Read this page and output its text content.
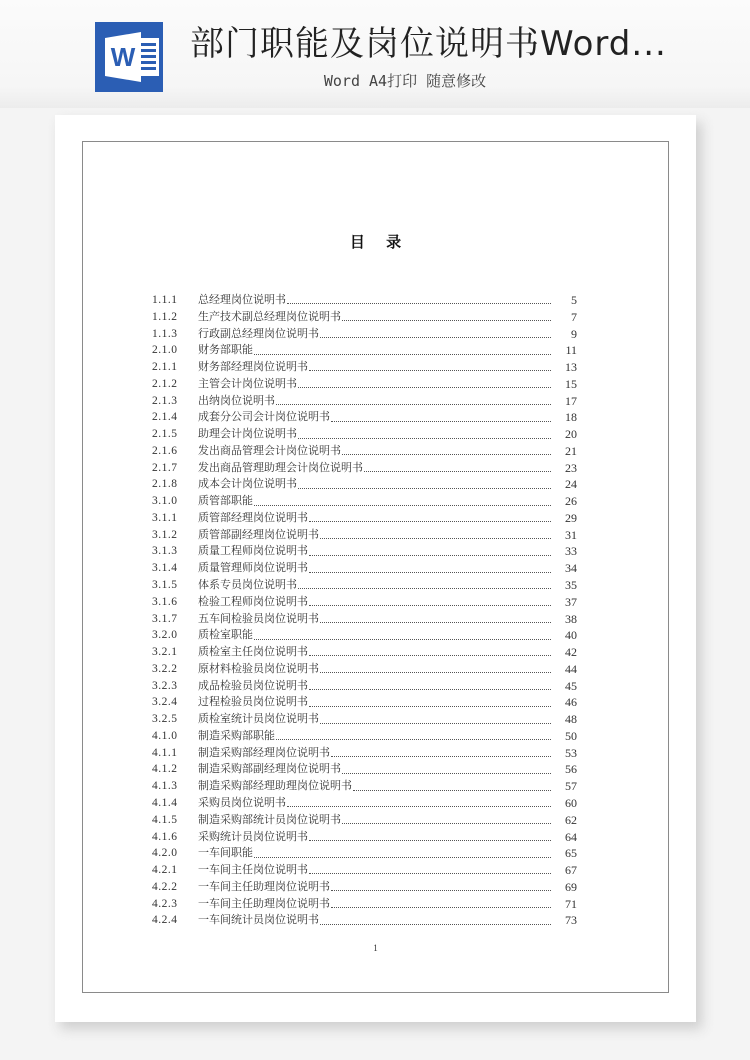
W 部门职能及岗位说明书Word...
Word A4打印 随意修改
目 录
1.1.1	总经理岗位说明书	5
1.1.2	生产技术副总经理岗位说明书	7
1.1.3	行政副总经理岗位说明书	9
2.1.0	财务部职能	11
2.1.1	财务部经理岗位说明书	13
2.1.2	主管会计岗位说明书	15
2.1.3	出纳岗位说明书	17
2.1.4	成套分公司会计岗位说明书	18
2.1.5	助理会计岗位说明书	20
2.1.6	发出商品管理会计岗位说明书	21
2.1.7	发出商品管理助理会计岗位说明书	23
2.1.8	成本会计岗位说明书	24
3.1.0	质管部职能	26
3.1.1	质管部经理岗位说明书	29
3.1.2	质管部副经理岗位说明书	31
3.1.3	质量工程师岗位说明书	33
3.1.4	质量管理师岗位说明书	34
3.1.5	体系专员岗位说明书	35
3.1.6	检验工程师岗位说明书	37
3.1.7	五车间检验员岗位说明书	38
3.2.0	质检室职能	40
3.2.1	质检室主任岗位说明书	42
3.2.2	原材料检验员岗位说明书	44
3.2.3	成品检验员岗位说明书	45
3.2.4	过程检验员岗位说明书	46
3.2.5	质检室统计员岗位说明书	48
4.1.0	制造采购部职能	50
4.1.1	制造采购部经理岗位说明书	53
4.1.2	制造采购部副经理岗位说明书	56
4.1.3	制造采购部经理助理岗位说明书	57
4.1.4	采购员岗位说明书	60
4.1.5	制造采购部统计员岗位说明书	62
4.1.6	采购统计员岗位说明书	64
4.2.0	一车间职能	65
4.2.1	一车间主任岗位说明书	67
4.2.2	一车间主任助理岗位说明书	69
4.2.3	一车间主任助理岗位说明书	71
4.2.4	一车间统计员岗位说明书	73
1
